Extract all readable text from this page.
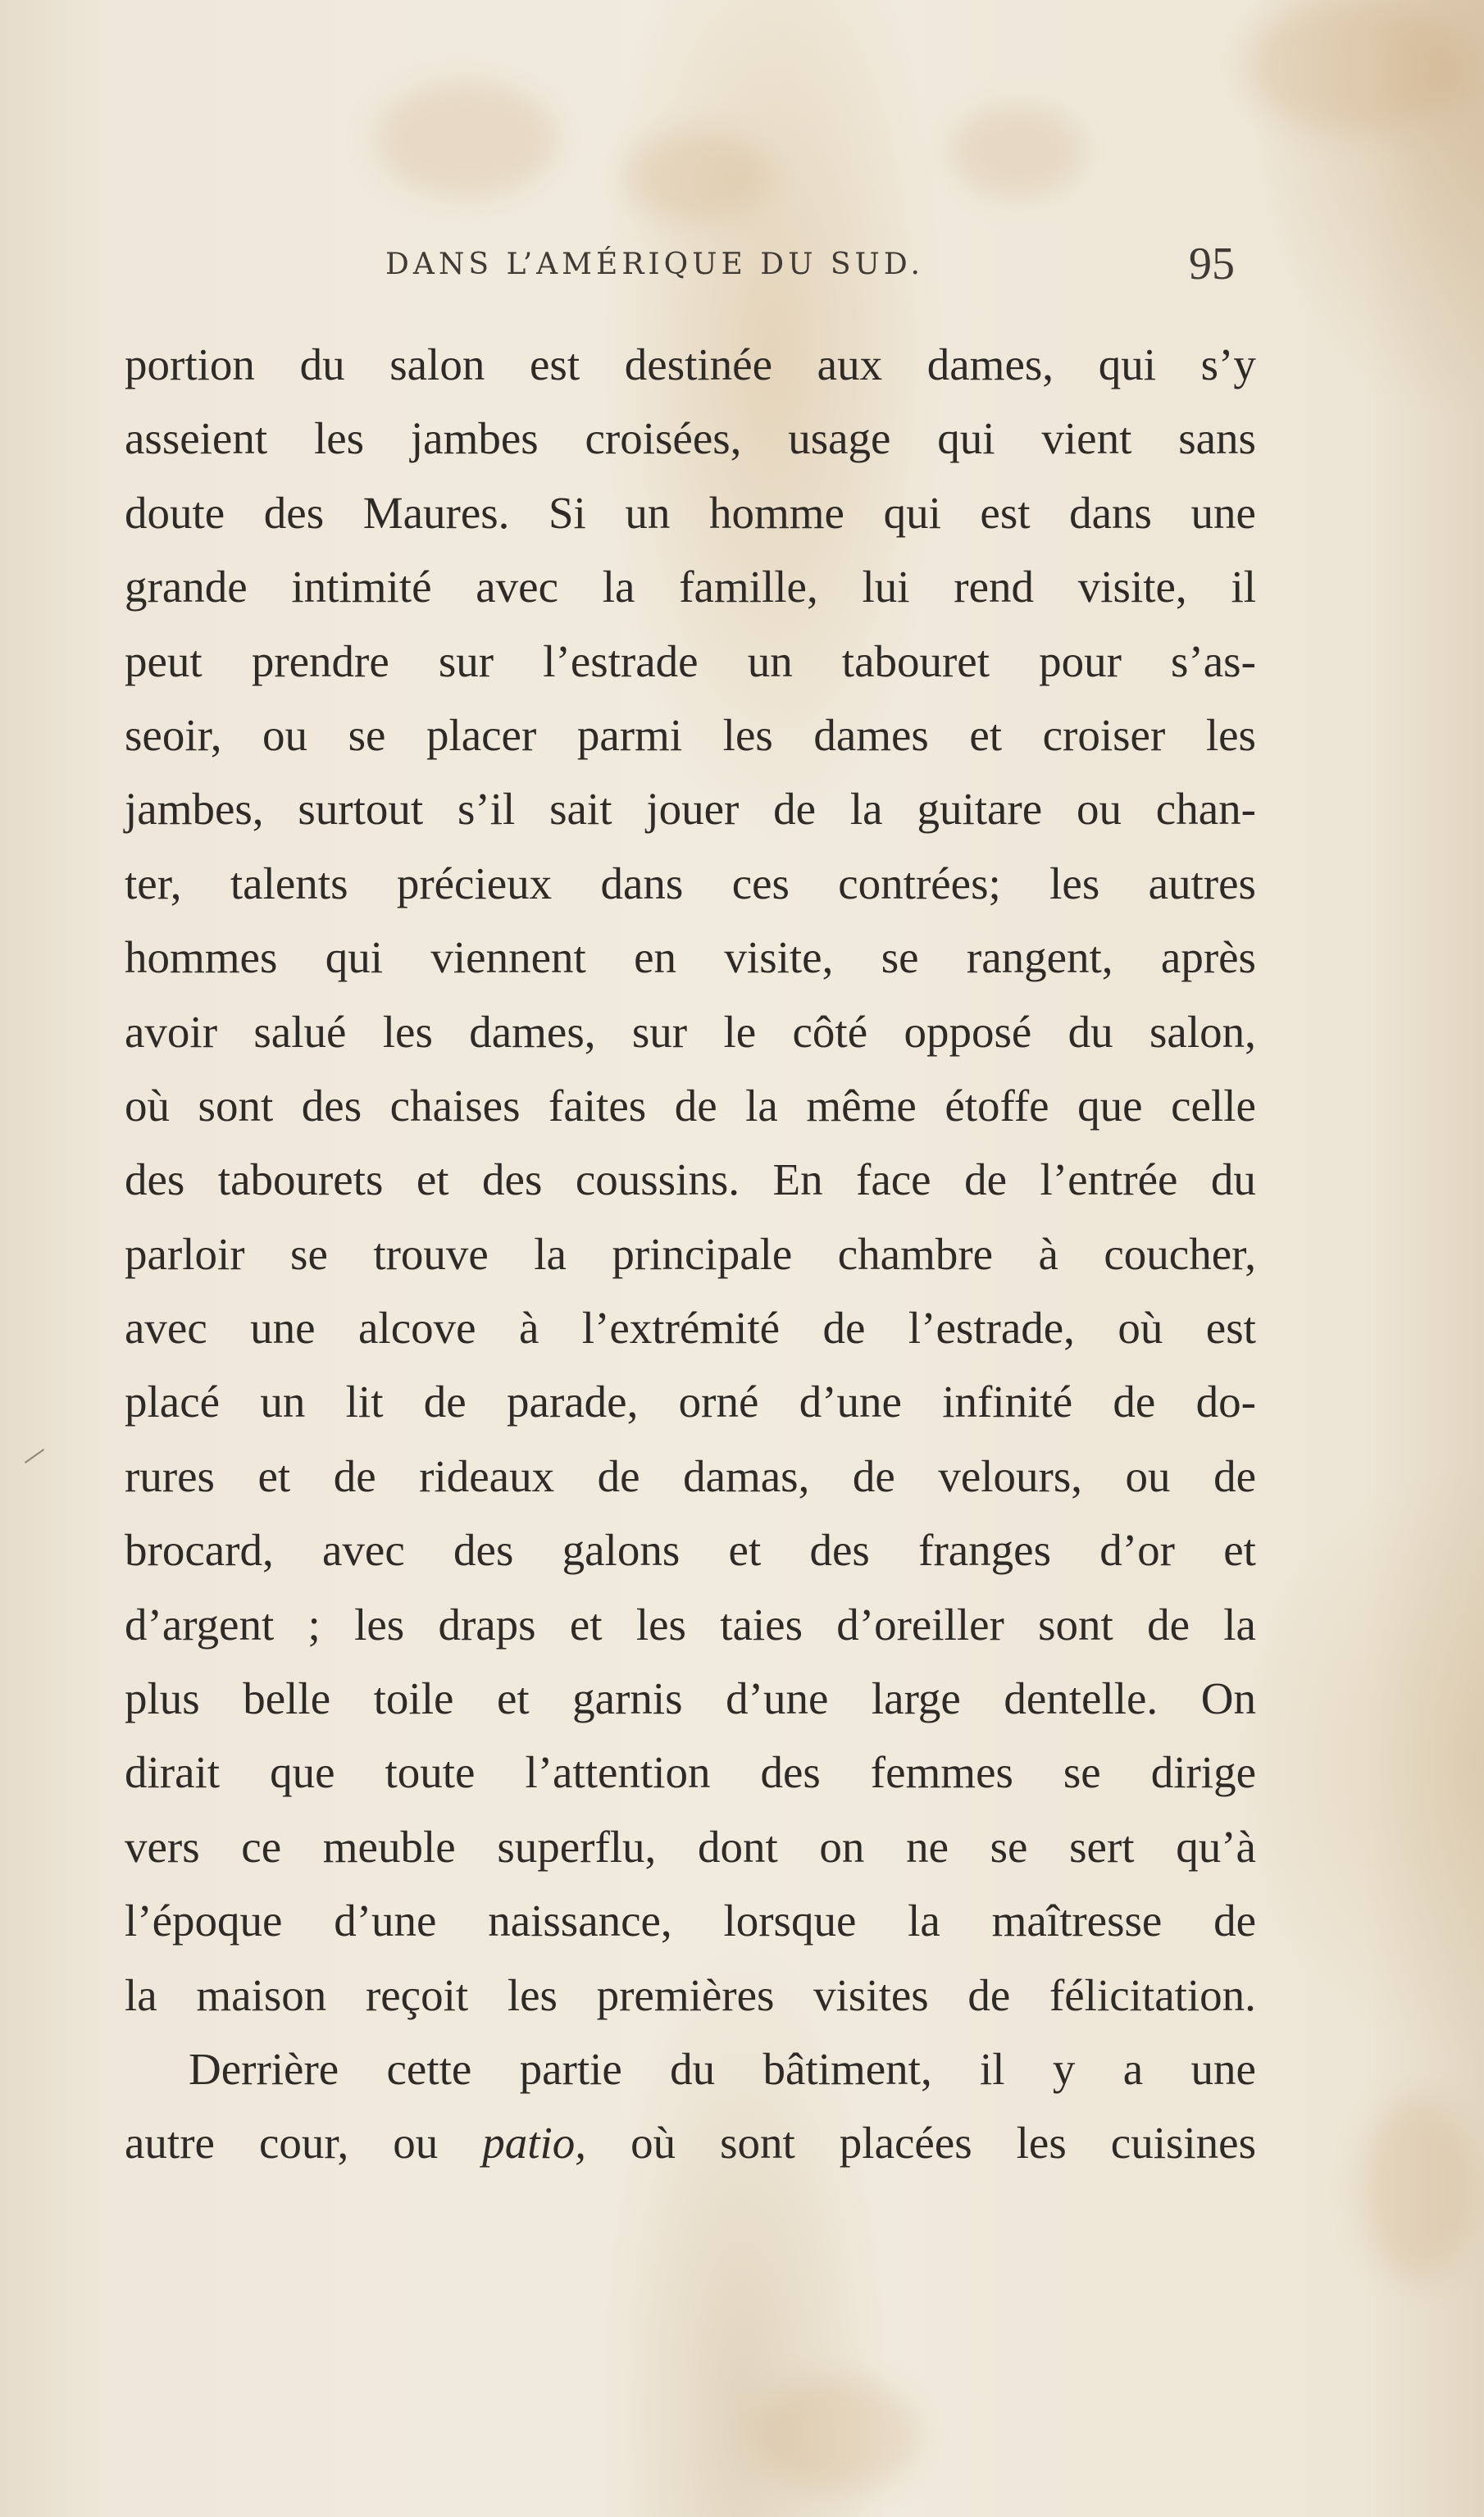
DANS L’AMÉRIQUE DU SUD.	95
portion du salon est destinée aux dames, qui s’y
asseient les jambes croisées, usage qui vient sans
doute des Maures. Si un homme qui est dans une
grande intimité avec la famille, lui rend visite, il
peut prendre sur l’estrade un tabouret pour s’as-
seoir, ou se placer parmi les dames et croiser les
jambes, surtout s’il sait jouer de la guitare ou chan-
ter, talents précieux dans ces contrées; les autres
hommes qui viennent en visite, se rangent, après
avoir salué les dames, sur le côté opposé du salon,
où sont des chaises faites de la même étoffe que celle
des tabourets et des coussins. En face de l’entrée du
parloir se trouve la principale chambre à coucher,
avec une alcove à l’extrémité de l’estrade, où est
placé un lit de parade, orné d’une infinité de do-
rures et de rideaux de damas, de velours, ou de
brocard, avec des galons et des franges d’or et
d’argent ; les draps et les taies d’oreiller sont de la
plus belle toile et garnis d’une large dentelle. On
dirait que toute l’attention des femmes se dirige
vers ce meuble superflu, dont on ne se sert qu’à
l’époque d’une naissance, lorsque la maîtresse de
la maison reçoit les premières visites de félicitation.
Derrière cette partie du bâtiment, il y a une
autre cour, ou patio, où sont placées les cuisines
